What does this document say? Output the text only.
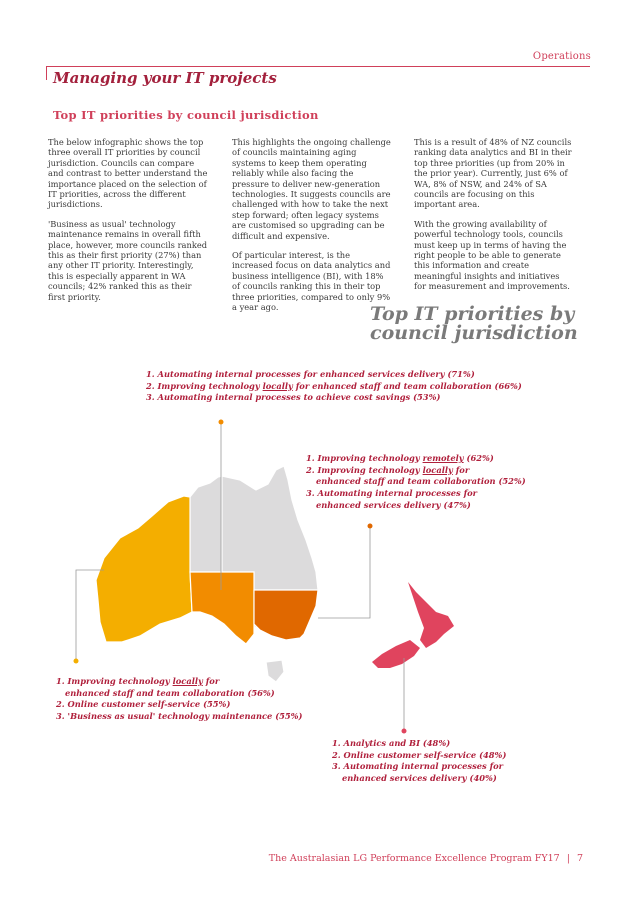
Operations
Managing your IT projects
Top IT priorities by council jurisdiction

The below infographic shows the top three overall IT priorities by council jurisdiction. Councils can compare and contrast to better understand the importance placed on the selection of IT priorities, across the different jurisdictions.

'Business as usual' technology maintenance remains in overall fifth place, however, more councils ranked this as their first priority (27%) than any other IT priority. Interestingly, this is especially apparent in WA councils; 42% ranked this as their first priority.

This highlights the ongoing challenge of councils maintaining aging systems to keep them operating reliably while also facing the pressure to deliver new-generation technologies. It suggests councils are challenged with how to take the next step forward; often legacy systems are customised so upgrading can be difficult and expensive.

Of particular interest, is the increased focus on data analytics and business intelligence (BI), with 18% of councils ranking this in their top three priorities, compared to only 9% a year ago.

This is a result of 48% of NZ councils ranking data analytics and BI in their top three priorities (up from 20% in the prior year). Currently, just 6% of WA, 8% of NSW, and 24% of SA councils are focusing on this important area.

With the growing availability of powerful technology tools, councils must keep up in terms of having the right people to be able to generate this information and create meaningful insights and initiatives for measurement and improvements.

Top IT priorities by
council jurisdiction
1. Automating internal processes for enhanced services delivery (71%)
2. Improving technology locally for enhanced staff and team collaboration (66%)
3. Automating internal processes to achieve cost savings (53%)
1. Improving technology remotely (62%)
2. Improving technology locally for
enhanced staff and team collaboration (52%)
3. Automating internal processes for
enhanced services delivery (47%)
1. Improving technology locally for
enhanced staff and team collaboration (56%)
2. Online customer self-service (55%)
3. 'Business as usual' technology maintenance (55%)
1. Analytics and BI (48%)
2. Online customer self-service (48%)
3. Automating internal processes for
enhanced services delivery (40%)
The Australasian LG Performance Excellence Program FY17 | 7
